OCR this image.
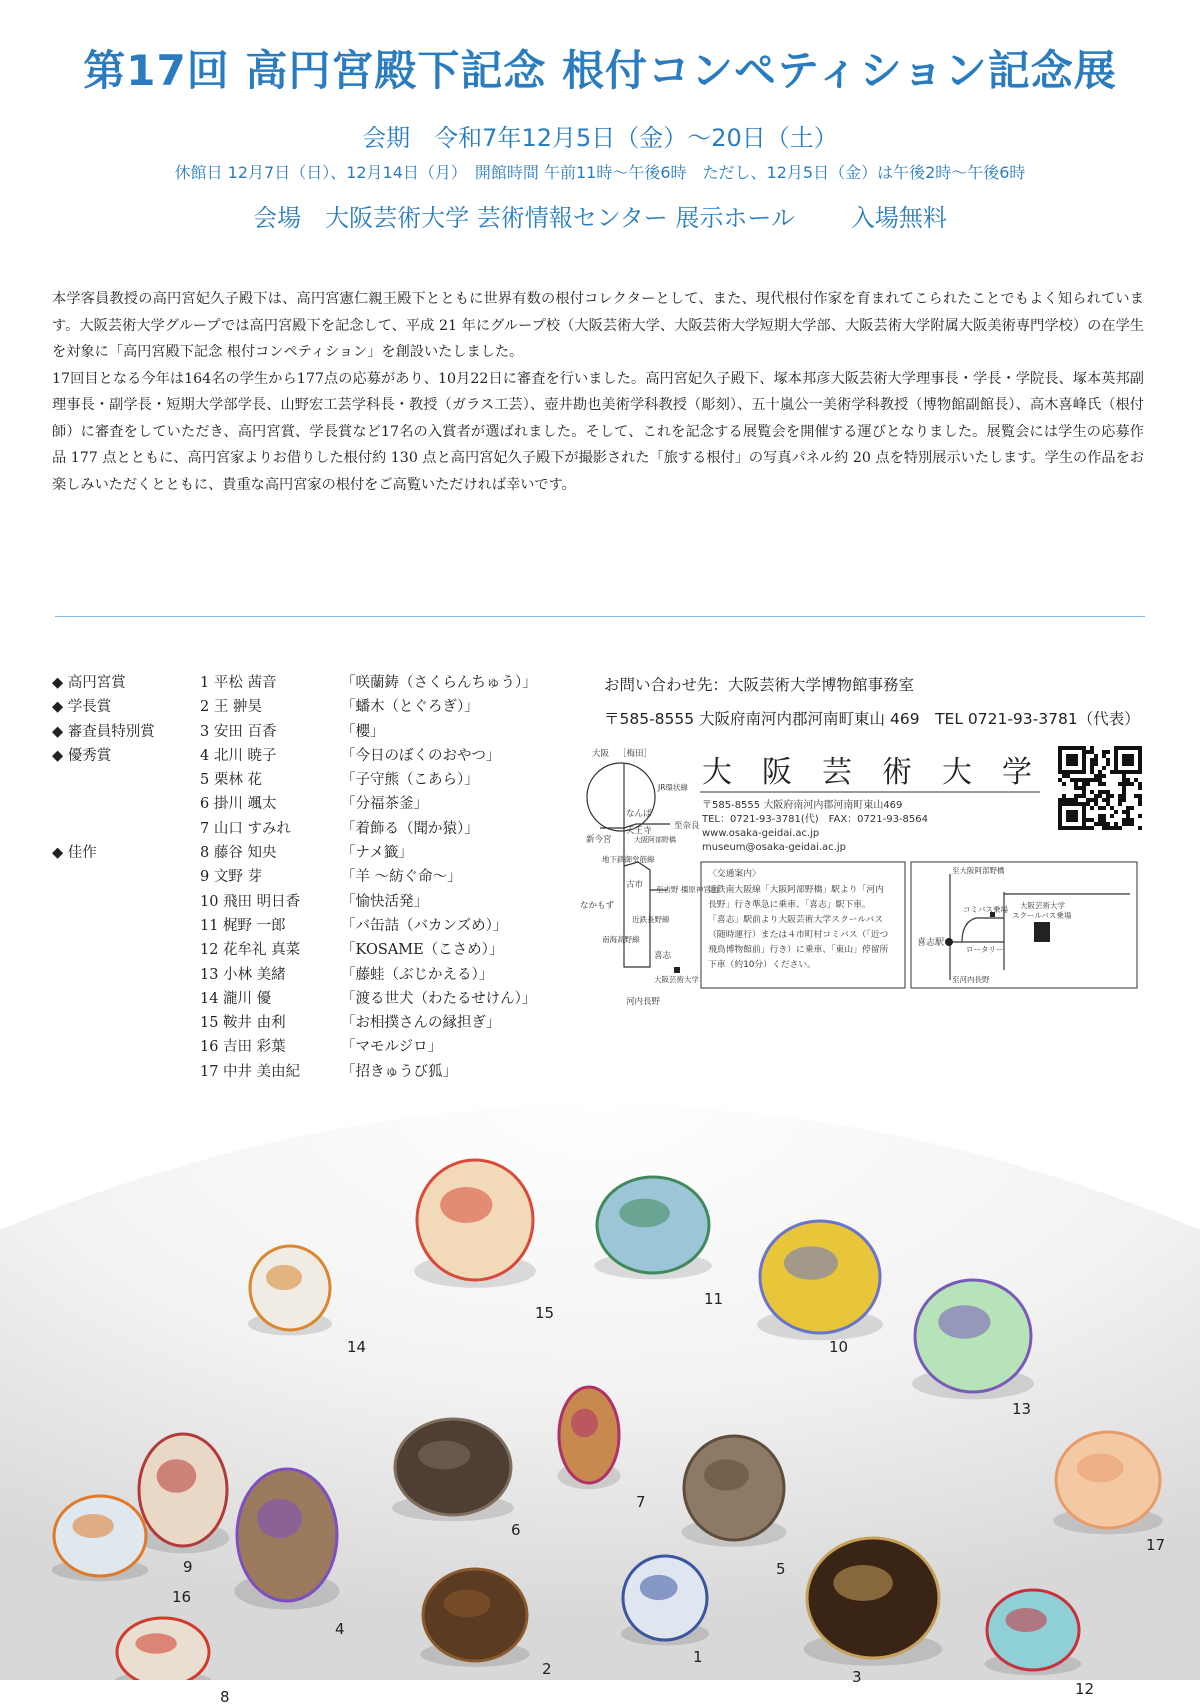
第17回 高円宮殿下記念 根付コンペティション記念展
会期　令和7年12月5日（金）～20日（土）
休館日 12月7日（日）、12月14日（月）　開館時間 午前11時～午後6時　ただし、12月5日（金）は午後2時～午後6時
会場　大阪芸術大学 芸術情報センター 展示ホール 入場無料

本学客員教授の高円宮妃久子殿下は、高円宮憲仁親王殿下とともに世界有数の根付コレクターとして、また、現代根付作家を育まれてこられたことでもよく知られています。大阪芸術大学グループでは高円宮殿下を記念して、平成 21 年にグループ校（大阪芸術大学、大阪芸術大学短期大学部、大阪芸術大学附属大阪美術専門学校）の在学生を対象に「高円宮殿下記念 根付コンペティション」を創設いたしました。

17回目となる今年は164名の学生から177点の応募があり、10月22日に審査を行いました。高円宮妃久子殿下、塚本邦彦大阪芸術大学理事長・学長・学院長、塚本英邦副理事長・副学長・短期大学部学長、山野宏工芸学科長・教授（ガラス工芸）、壺井勘也美術学科教授（彫刻）、五十嵐公一美術学科教授（博物館副館長）、高木喜峰氏（根付師）に審査をしていただき、高円宮賞、学長賞など17名の入賞者が選ばれました。そして、これを記念する展覧会を開催する運びとなりました。展覧会には学生の応募作品 177 点とともに、高円宮家よりお借りした根付約 130 点と高円宮妃久子殿下が撮影された「旅する根付」の写真パネル約 20 点を特別展示いたします。学生の作品をお楽しみいただくとともに、貴重な高円宮家の根付をご高覧いただければ幸いです。

◆ 高円宮賞	1 平松 茜音	「咲蘭鋳（さくらんちゅう）」
◆ 学長賞	2 王 翀昊	「蟠木（とぐろぎ）」
◆ 審査員特別賞	3 安田 百香	「櫻」
◆ 優秀賞	4 北川 暁子	「今日のぼくのおやつ」
5 栗林 花	「子守熊（こあら）」
6 掛川 颯太	「分福茶釜」
7 山口 すみれ	「着飾る（聞か猿）」
◆ 佳作	8 藤谷 知央	「ナメ籤」
9 文野 芽	「羊 ～紡ぐ命～」
10 飛田 明日香	「愉快活発」
11 梶野 一郎	「バ缶詰（バカンズめ）」
12 花牟礼 真菜	「KOSAME（こさめ）」
13 小林 美緒	「藤蛙（ぶじかえる）」
14 瀧川 優	「渡る世犬（わたるせけん）」
15 鞍井 由利	「お相撲さんの縁担ぎ」
16 吉田 彩葉	「マモルジロ」
17 中井 美由紀	「招きゅうび狐」
お問い合わせ先：大阪芸術大学博物館事務室
〒585-8555 大阪府南河内郡河南町東山 469　TEL 0721-93-3781（代表）
大阪 ［梅田］
JR環状線
なんば
天王寺
大阪阿部野橋
新今宮
至奈良
地下鉄御堂筋線
古市 至吉野 橿原神宮前
なかもず
近鉄長野線
南海高野線
喜志
大阪芸術大学
河内長野
大　阪　芸　術　大　学
〒585-8555 大阪府南河内郡河南町東山469
TEL：0721-93-3781(代)　FAX：0721-93-8564
www.osaka-geidai.ac.jp
museum@osaka-geidai.ac.jp
〈交通案内〉
近鉄南大阪線「大阪阿部野橋」駅より「河内
長野」行き準急に乗車、「喜志」駅下車。
「喜志」駅前より大阪芸術大学スクールバス
（随時運行）または４市町村コミバス（「近つ
飛鳥博物館前」行き）に乗車、「東山」停留所
下車（約10分）ください。
至大阪阿部野橋
喜志駅
コミバス乗場
ロータリー
大阪芸術大学
スクールバス乗場
至河内長野
1
2	3
4
5
6
7
8
9
10
11
12
13
14
15
16
17
